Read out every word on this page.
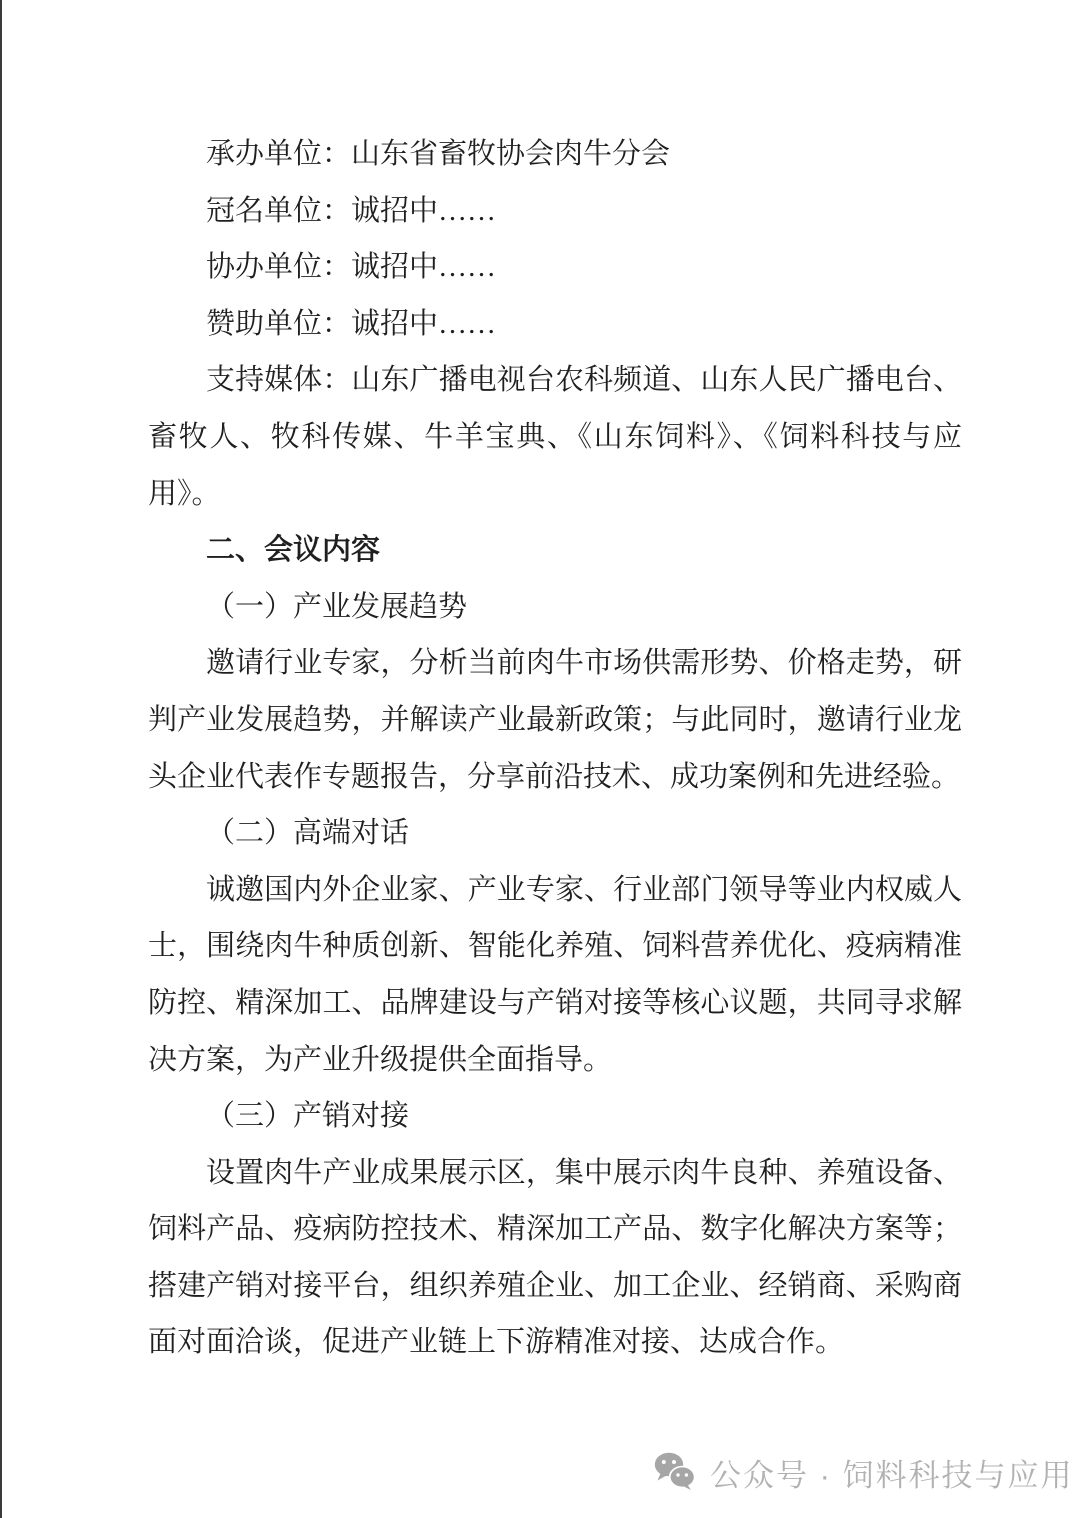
承办单位：山东省畜牧协会肉牛分会

冠名单位：诚招中……

协办单位：诚招中……

赞助单位：诚招中……

支持媒体：山东广播电视台农科频道、山东人民广播电台、畜牧人、牧科传媒、牛羊宝典、《山东饲料》、《饲料科技与应用》。

二、会议内容

（一）产业发展趋势

邀请行业专家，分析当前肉牛市场供需形势、价格走势，研判产业发展趋势，并解读产业最新政策；与此同时，邀请行业龙头企业代表作专题报告，分享前沿技术、成功案例和先进经验。

（二）高端对话

诚邀国内外企业家、产业专家、行业部门领导等业内权威人士，围绕肉牛种质创新、智能化养殖、饲料营养优化、疫病精准防控、精深加工、品牌建设与产销对接等核心议题，共同寻求解决方案，为产业升级提供全面指导。

（三）产销对接

设置肉牛产业成果展示区，集中展示肉牛良种、养殖设备、饲料产品、疫病防控技术、精深加工产品、数字化解决方案等；搭建产销对接平台，组织养殖企业、加工企业、经销商、采购商面对面洽谈，促进产业链上下游精准对接、达成合作。

公众号 · 饲料科技与应用
